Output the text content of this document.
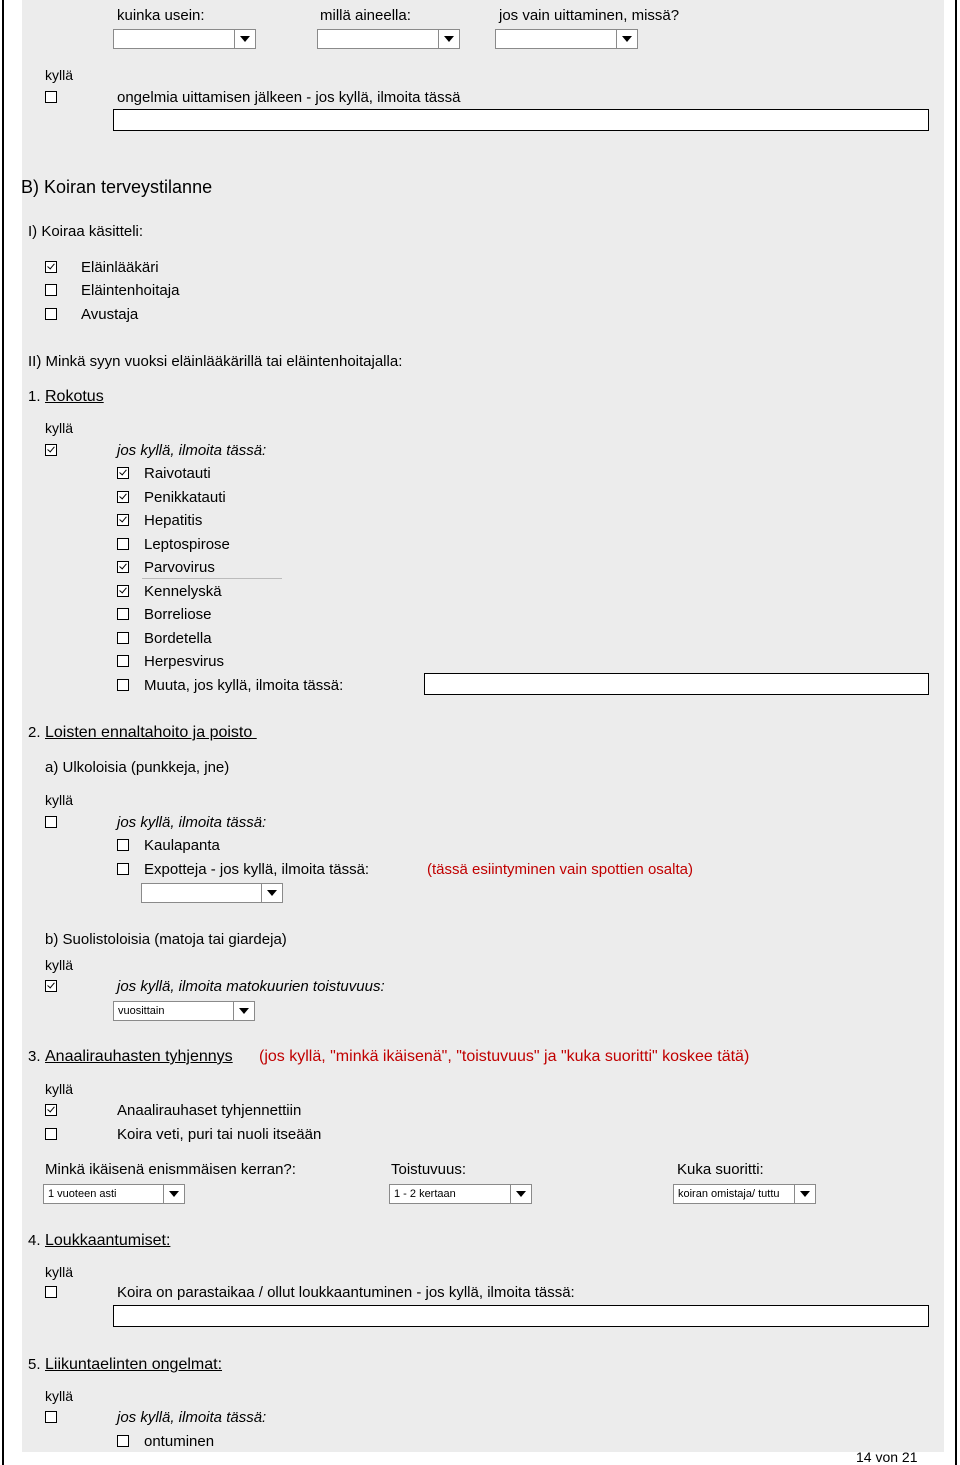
kuinka usein:	millä aineella:	jos vain uittaminen, missä?
kyllä
ongelmia uittamisen jälkeen - jos kyllä, ilmoita tässä
B) Koiran terveystilanne
I) Koiraa käsitteli:
Eläinlääkäri
Eläintenhoitaja
Avustaja
II) Minkä syyn vuoksi eläinlääkärillä tai eläintenhoitajalla:
1. Rokotus
kyllä
jos kyllä, ilmoita tässä:
Raivotauti
Penikkatauti
Hepatitis
Leptospirose
Parvovirus
Kennelyskä
Borreliose
Bordetella
Herpesvirus
Muuta, jos kyllä, ilmoita tässä:
2. Loisten ennaltahoito ja poisto
a) Ulkoloisia (punkkeja, jne)
kyllä
jos kyllä, ilmoita tässä:
Kaulapanta
Expotteja - jos kyllä, ilmoita tässä:	(tässä esiintyminen vain spottien osalta)
b) Suolistoloisia (matoja tai giardeja)
kyllä
jos kyllä, ilmoita matokuurien toistuvuus:
vuosittain
3. Anaalirauhasten tyhjennys (jos kyllä, "minkä ikäisenä", "toistuvuus" ja "kuka suoritti" koskee tätä)
kyllä
Anaalirauhaset tyhjennettiin
Koira veti, puri tai nuoli itseään
Minkä ikäisenä enismmäisen kerran?:	Toistuvuus:	Kuka suoritti:
1 vuoteen asti	1 - 2 kertaan	koiran omistaja/ tuttu
4. Loukkaantumiset:
kyllä
Koira on parastaikaa / ollut loukkaantuminen - jos kyllä, ilmoita tässä:
5. Liikuntaelinten ongelmat:
kyllä
jos kyllä, ilmoita tässä:
ontuminen
14 von 21
